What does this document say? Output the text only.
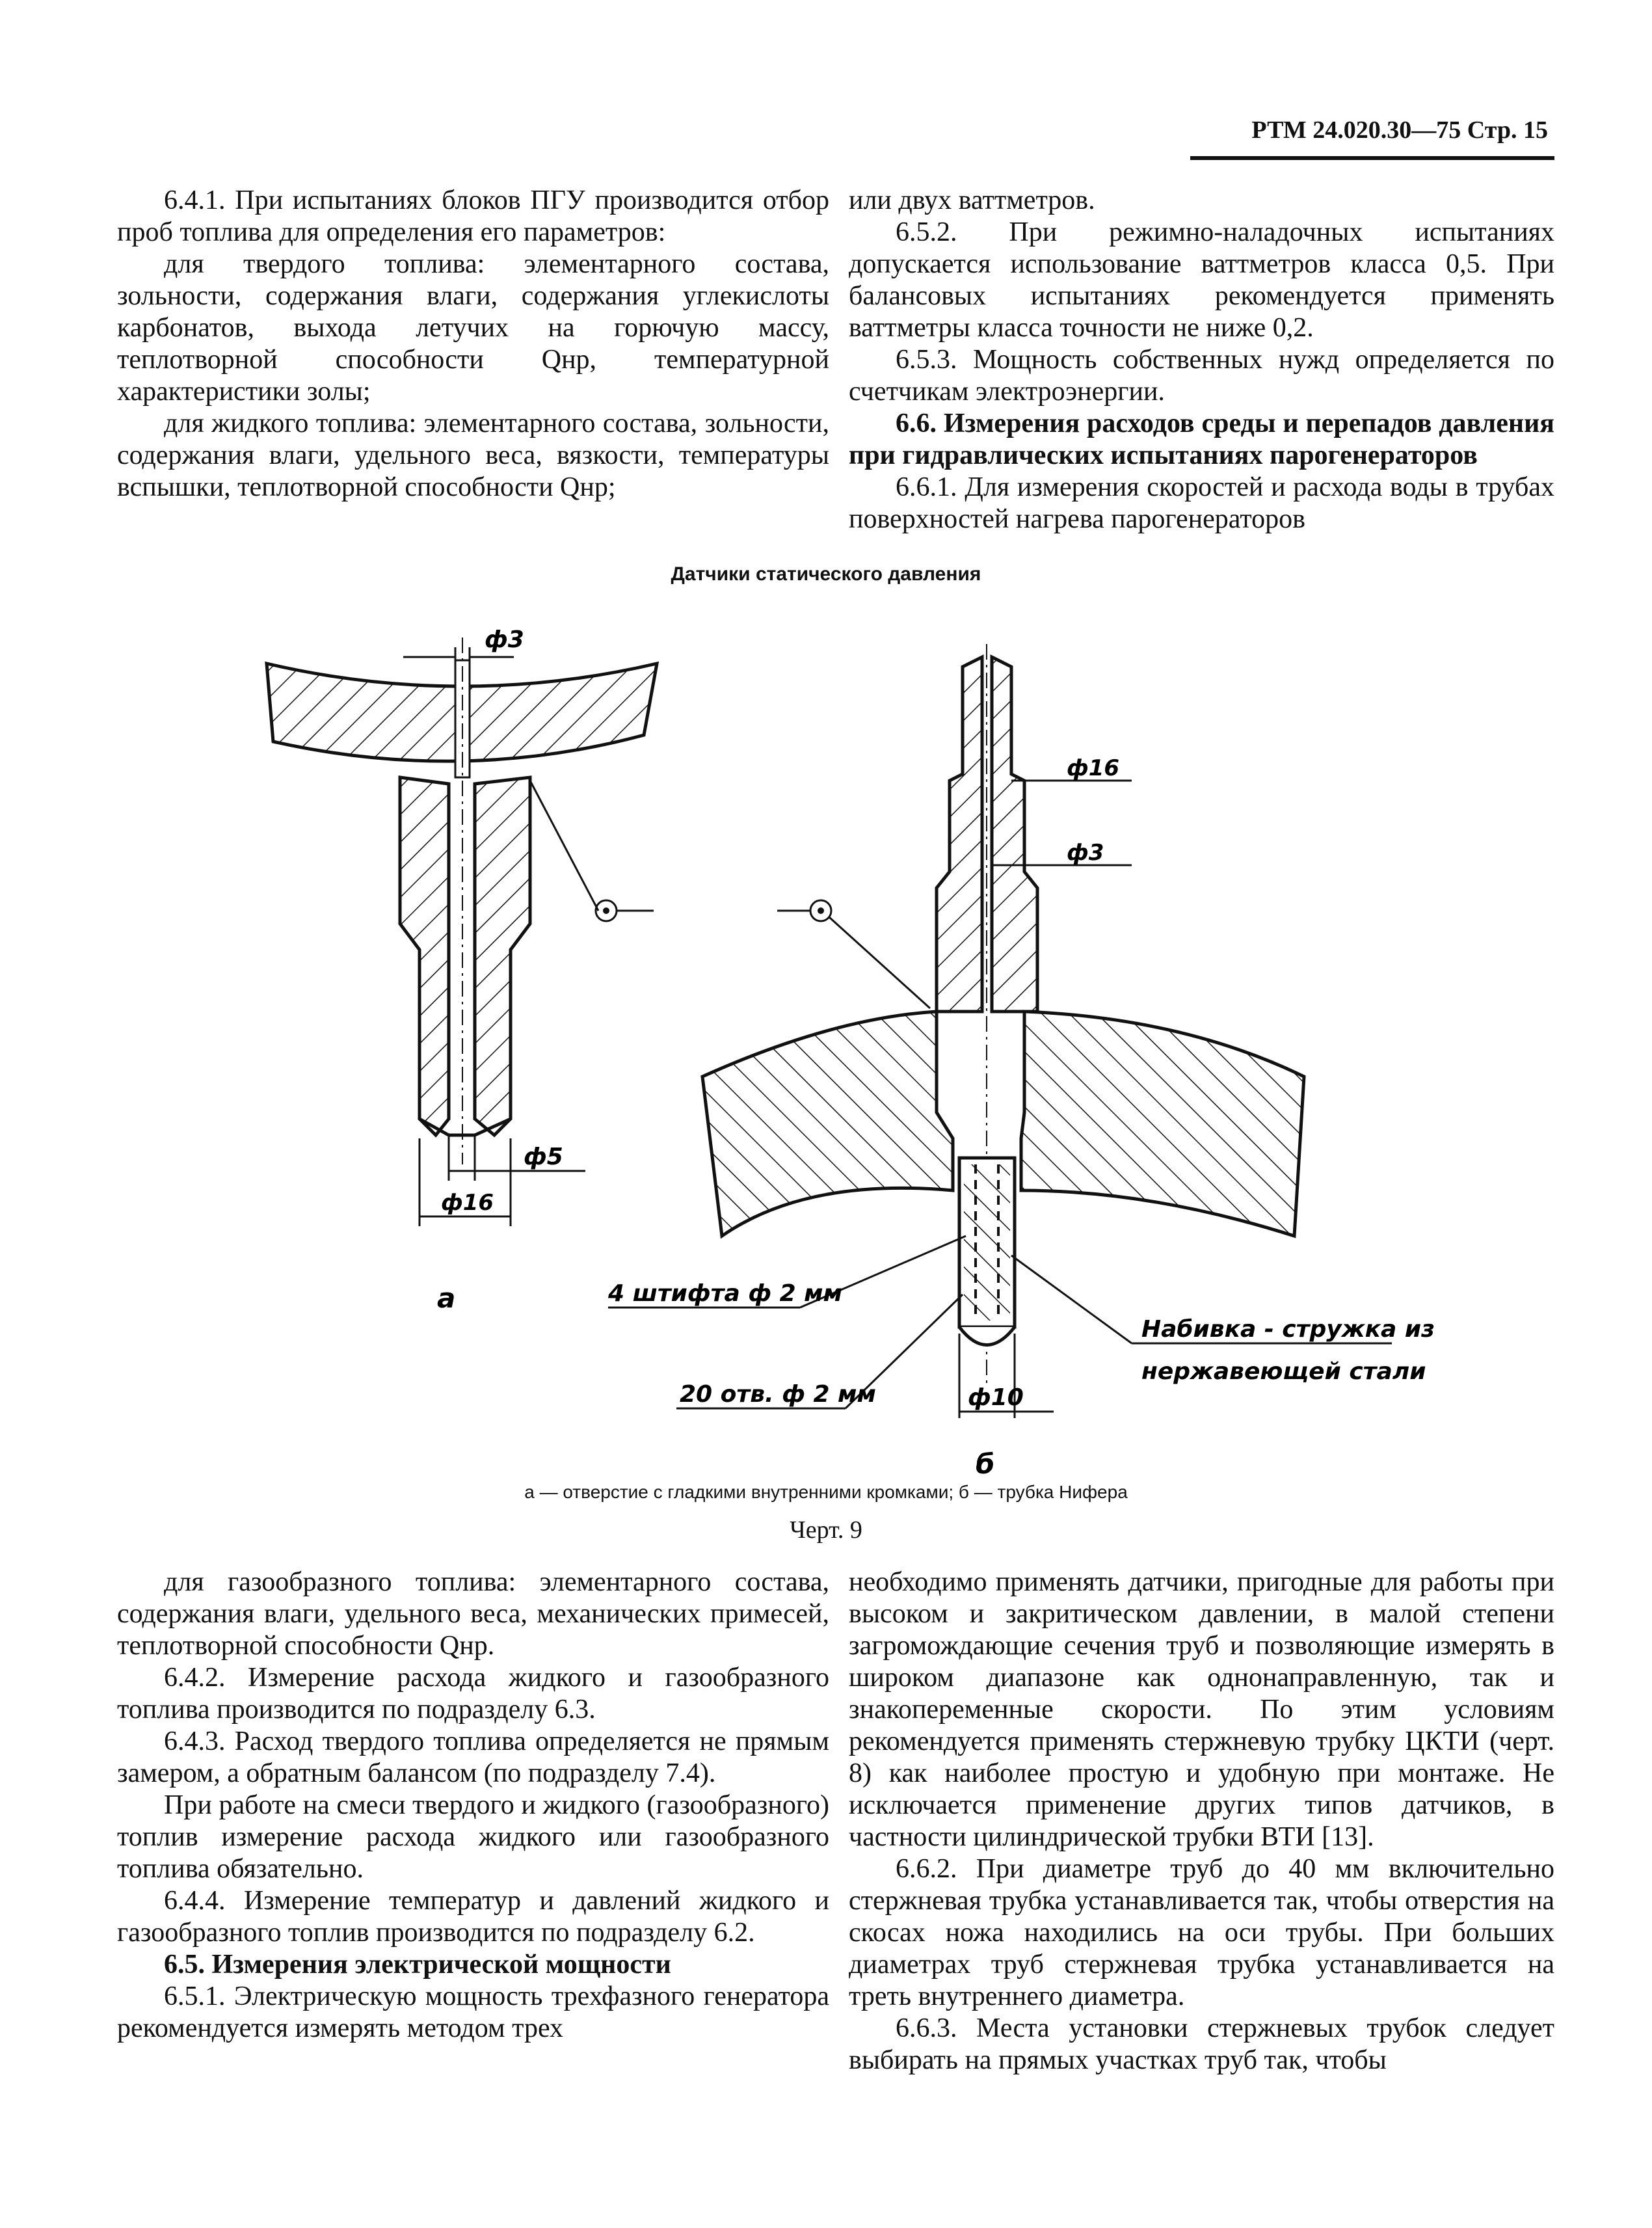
РТМ 24.020.30—75 Стр. 15

6.4.1. При испытаниях блоков ПГУ производится отбор проб топлива для определения его параметров:

для твердого топлива: элементарного состава, зольности, содержания влаги, содержания углекислоты карбонатов, выхода летучих на горючую массу, теплотворной способности Qнр, температурной характеристики золы;

для жидкого топлива: элементарного состава, зольности, содержания влаги, удельного веса, вязкости, температуры вспышки, теплотворной способности Qнр;

или двух ваттметров.

6.5.2. При режимно-наладочных испытаниях допускается использование ваттметров класса 0,5. При балансовых испытаниях рекомендуется применять ваттметры класса точности не ниже 0,2.

6.5.3. Мощность собственных нужд определяется по счетчикам электроэнергии.

6.6. Измерения расходов среды и перепадов давления при гидравлических испытаниях парогенераторов

6.6.1. Для измерения скоростей и расхода воды в трубах поверхностей нагрева парогенераторов

Датчики статического давления
ф3
ф5
ф16
а
ф16
ф3
4 штифта ф 2 мм
20 отв. ф 2 мм	ф10
Набивка - стружка из
нержавеющей стали
б
а — отверстие с гладкими внутренними кромками; б — трубка Нифера
Черт. 9

для газообразного топлива: элементарного состава, содержания влаги, удельного веса, механических примесей, теплотворной способности Qнр.

6.4.2. Измерение расхода жидкого и газообразного топлива производится по подразделу 6.3.

6.4.3. Расход твердого топлива определяется не прямым замером, а обратным балансом (по подразделу 7.4).

При работе на смеси твердого и жидкого (газообразного) топлив измерение расхода жидкого или газообразного топлива обязательно.

6.4.4. Измерение температур и давлений жидкого и газообразного топлив производится по подразделу 6.2.

6.5. Измерения электрической мощности

6.5.1. Электрическую мощность трехфазного генератора рекомендуется измерять методом трех

необходимо применять датчики, пригодные для работы при высоком и закритическом давлении, в малой степени загромождающие сечения труб и позволяющие измерять в широком диапазоне как однонаправленную, так и знакопеременные скорости. По этим условиям рекомендуется применять стержневую трубку ЦКТИ (черт. 8) как наиболее простую и удобную при монтаже. Не исключается применение других типов датчиков, в частности цилиндрической трубки ВТИ [13].

6.6.2. При диаметре труб до 40 мм включительно стержневая трубка устанавливается так, чтобы отверстия на скосах ножа находились на оси трубы. При больших диаметрах труб стержневая трубка устанавливается на треть внутреннего диаметра.

6.6.3. Места установки стержневых трубок следует выбирать на прямых участках труб так, чтобы
